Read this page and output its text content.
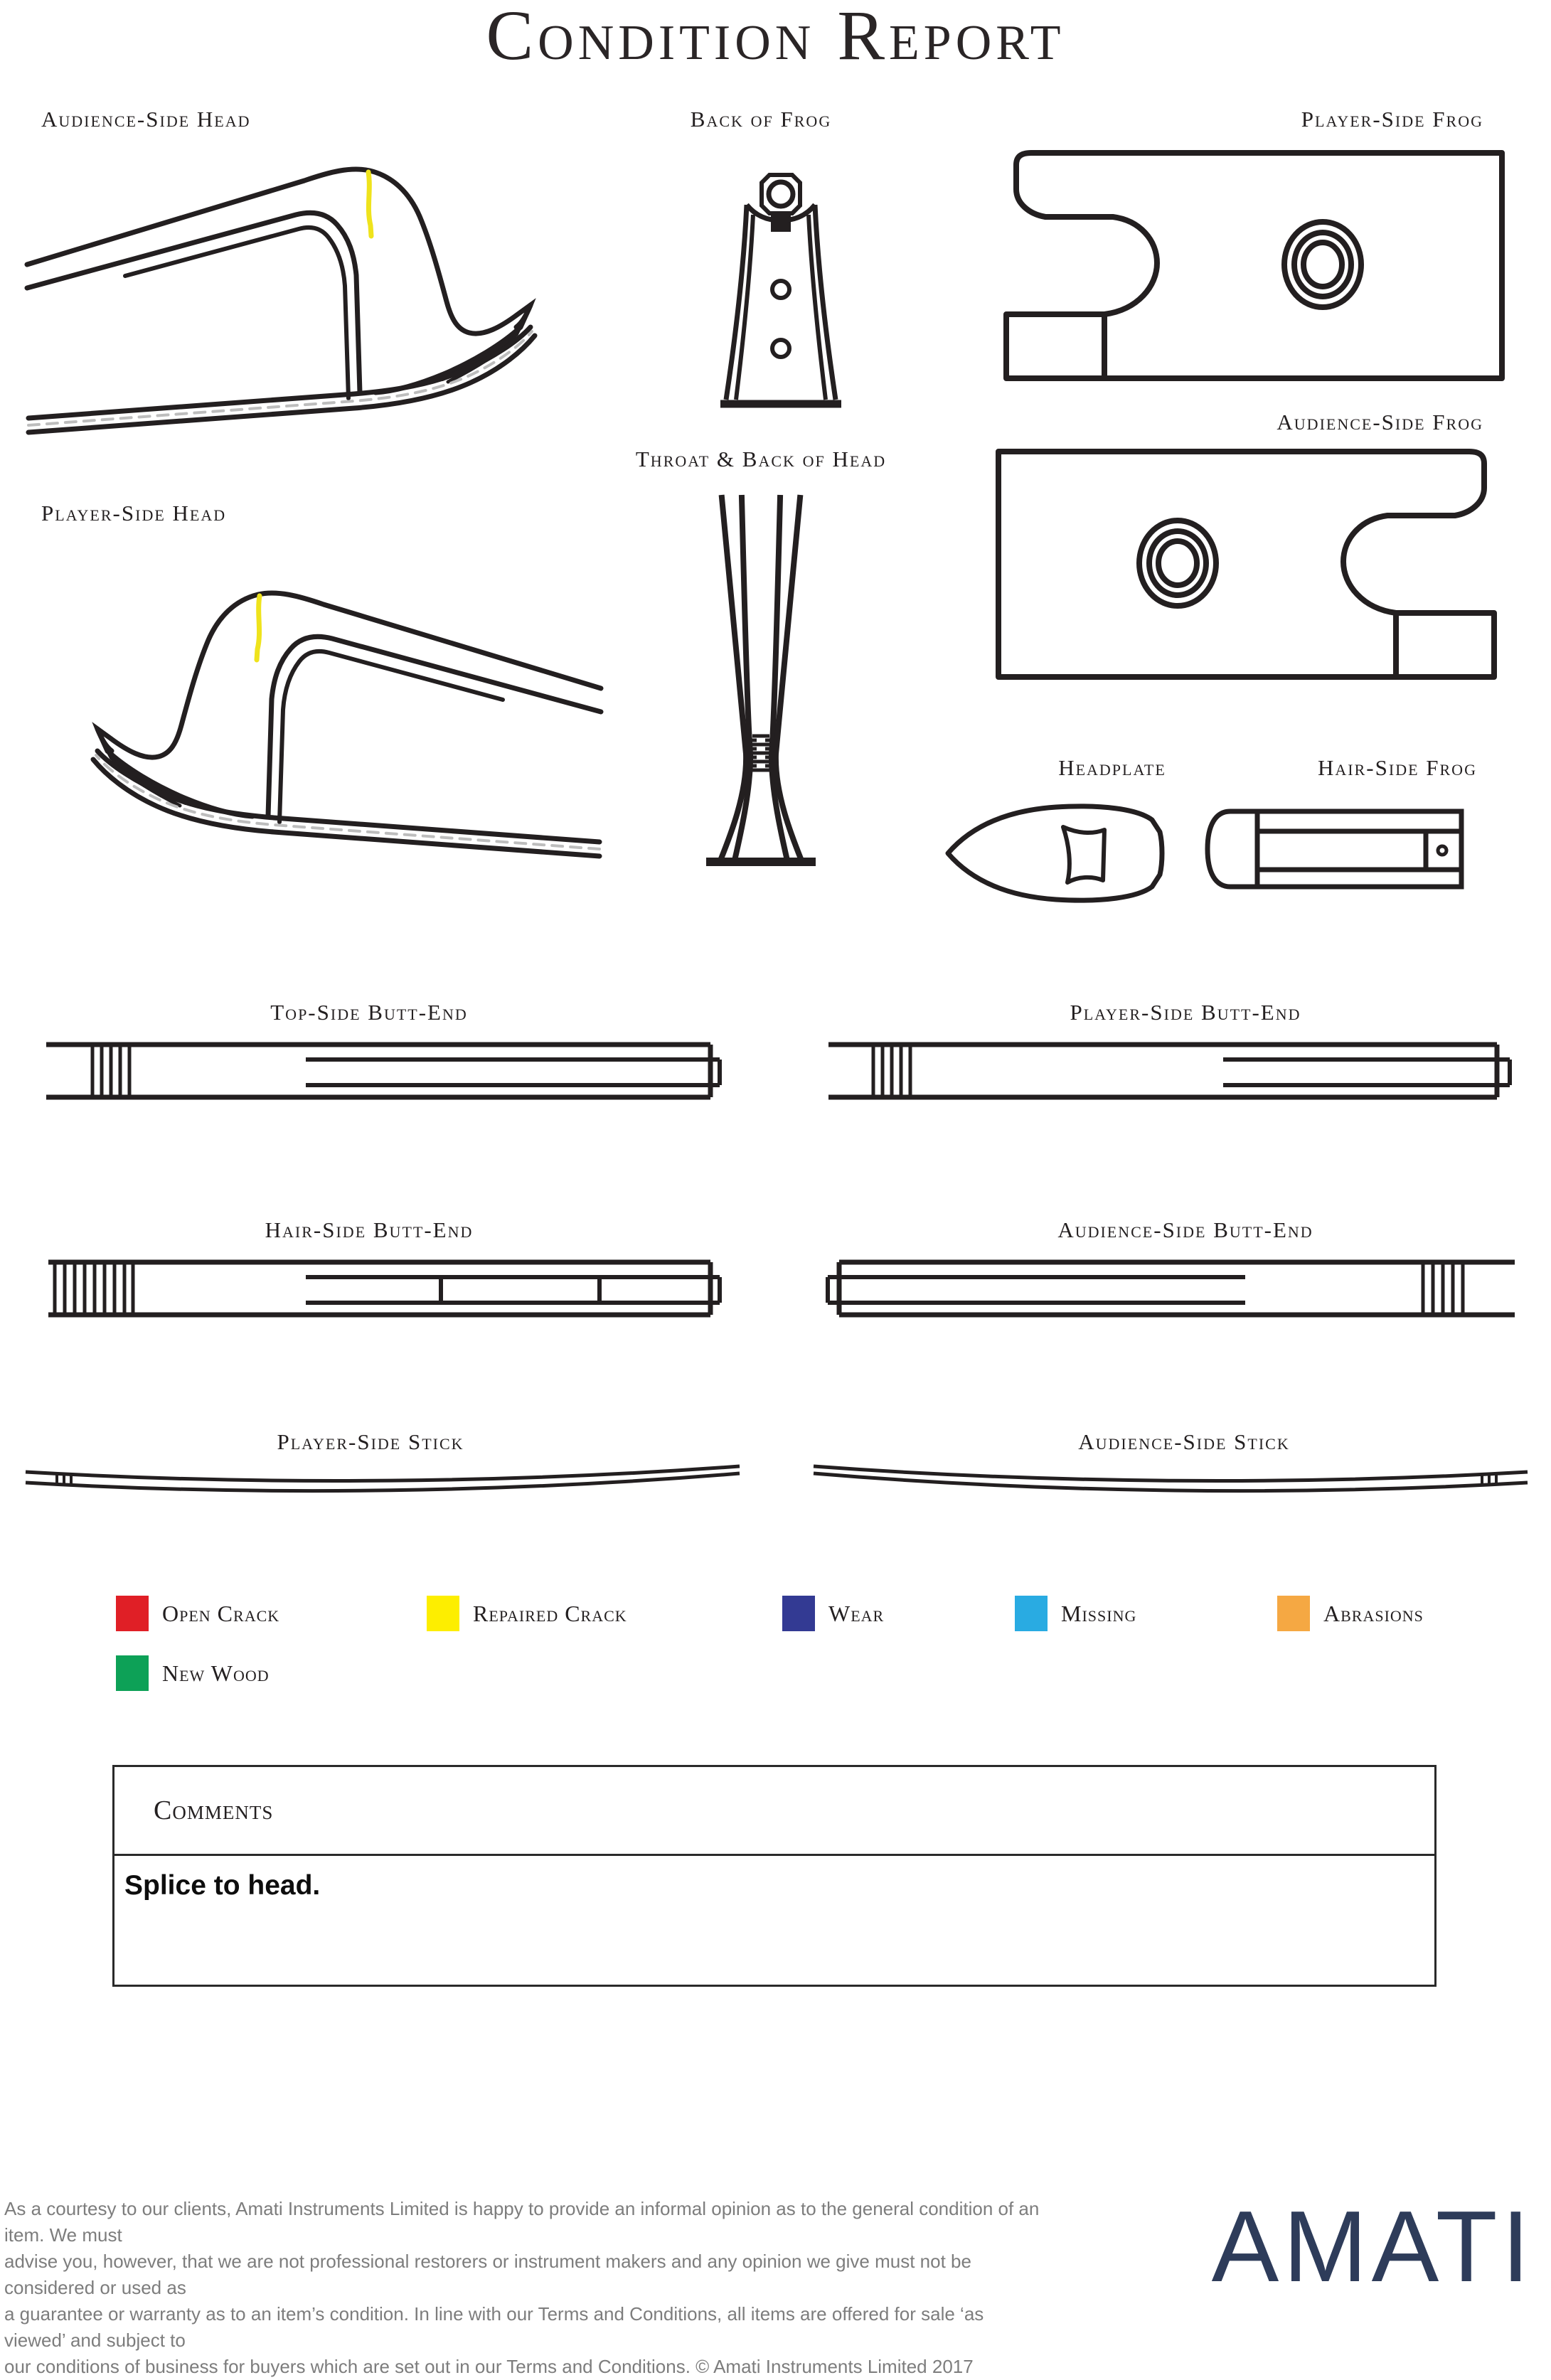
Condition Report
Audience-Side Head	Back of Frog	Player-Side Frog
Audience-Side Frog
Throat & Back of Head
Player-Side Head
Headplate	Hair-Side Frog
Top-Side Butt-End	Player-Side Butt-End
Hair-Side Butt-End	Audience-Side Butt-End
Player-Side Stick	Audience-Side Stick
Open Crack	Repaired Crack	Wear	Missing	Abrasions
New Wood
Comments
Splice to head.
As a courtesy to our clients, Amati Instruments Limited is happy to provide an informal opinion as to the general condition of an item. We must
advise you, however, that we are not professional restorers or instrument makers and any opinion we give must not be considered or used as
a guarantee or warranty as to an item’s condition. In line with our Terms and Conditions, all items are offered for sale ‘as viewed’ and subject to
our conditions of business for buyers which are set out in our Terms and Conditions. © Amati Instruments Limited 2017
AMATI
